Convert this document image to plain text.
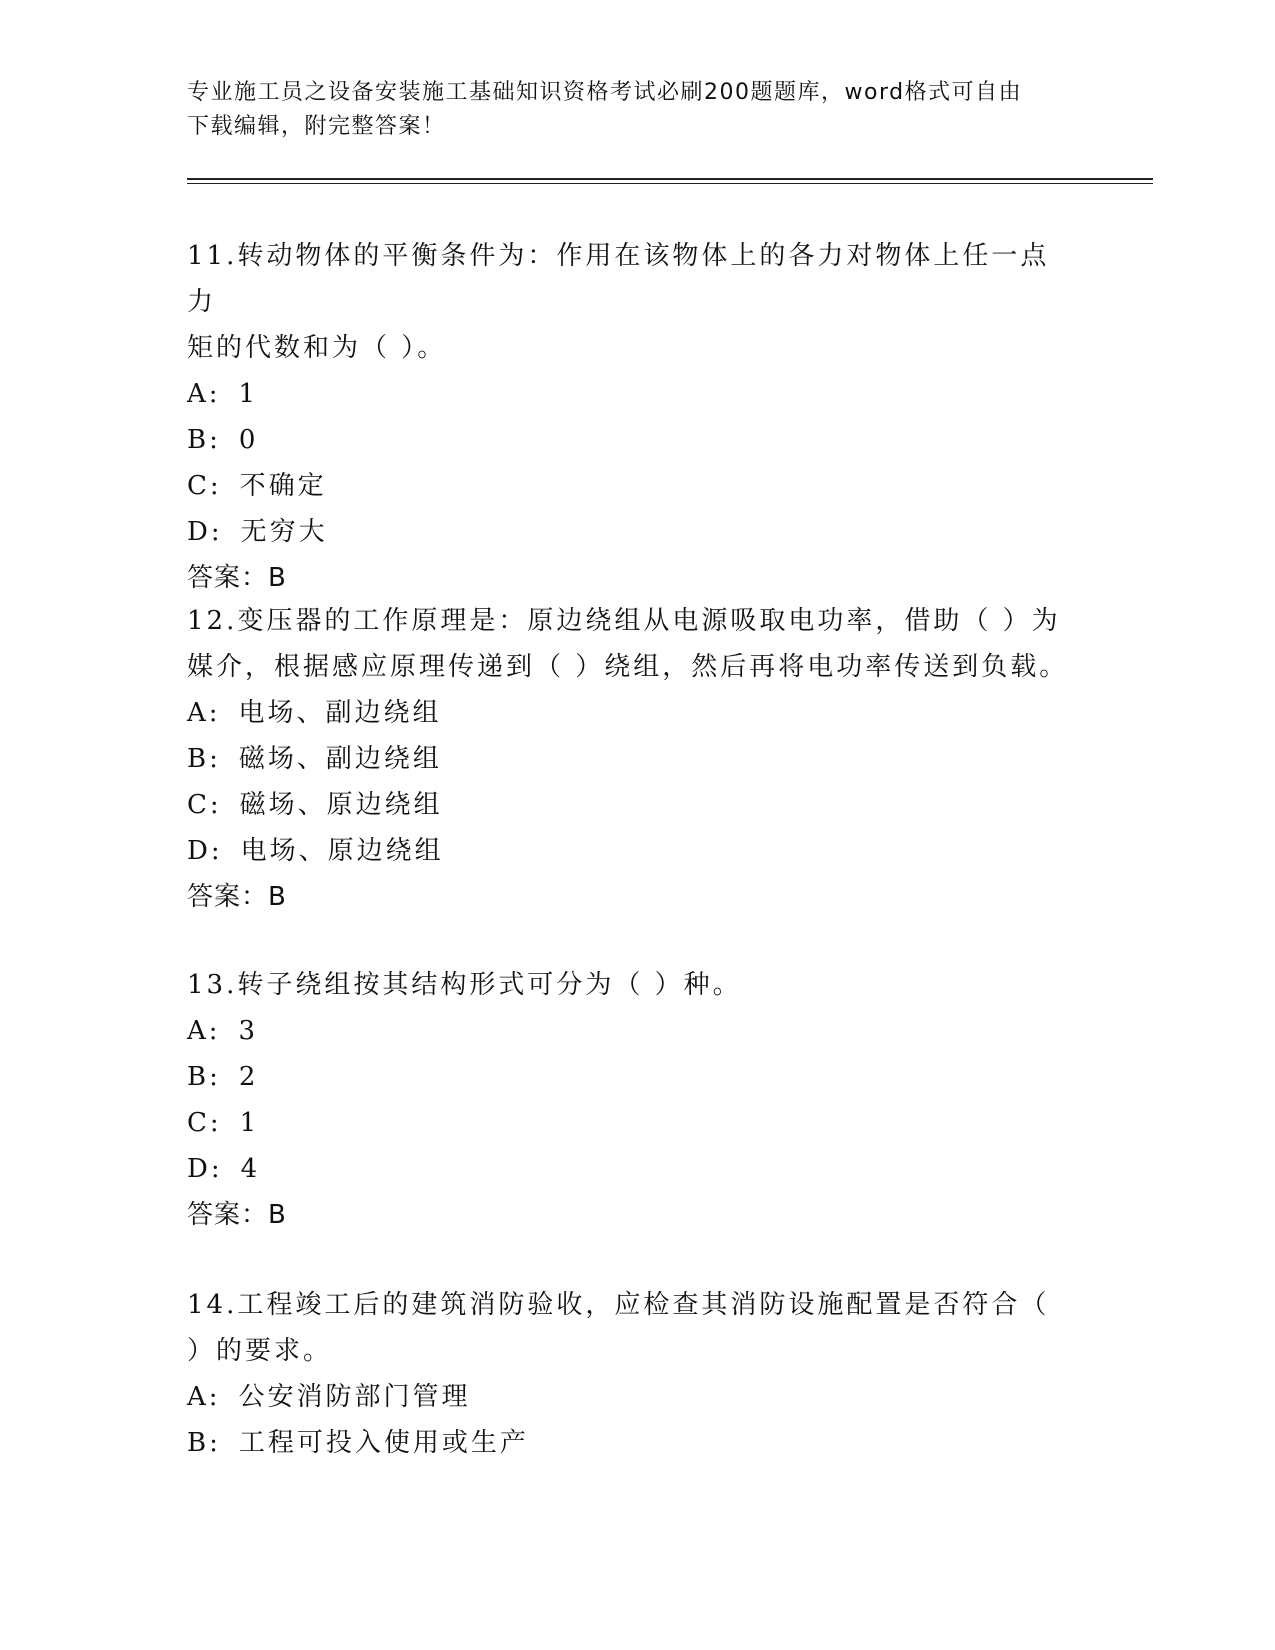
专业施工员之设备安装施工基础知识资格考试必刷200题题库，word格式可自由
下载编辑，附完整答案！

11.转动物体的平衡条件为：作用在该物体上的各力对物体上任一点力

矩的代数和为（ ）。

A: 1

B: 0

C: 不确定

D: 无穷大

答案：B

12.变压器的工作原理是：原边绕组从电源吸取电功率，借助（ ）为

媒介，根据感应原理传递到（ ）绕组，然后再将电功率传送到负载。

A: 电场、副边绕组

B: 磁场、副边绕组

C: 磁场、原边绕组

D: 电场、原边绕组

答案：B

13.转子绕组按其结构形式可分为（ ）种。

A: 3

B: 2

C: 1

D: 4

答案：B

14.工程竣工后的建筑消防验收，应检查其消防设施配置是否符合（

）的要求。

A: 公安消防部门管理

B: 工程可投入使用或生产
